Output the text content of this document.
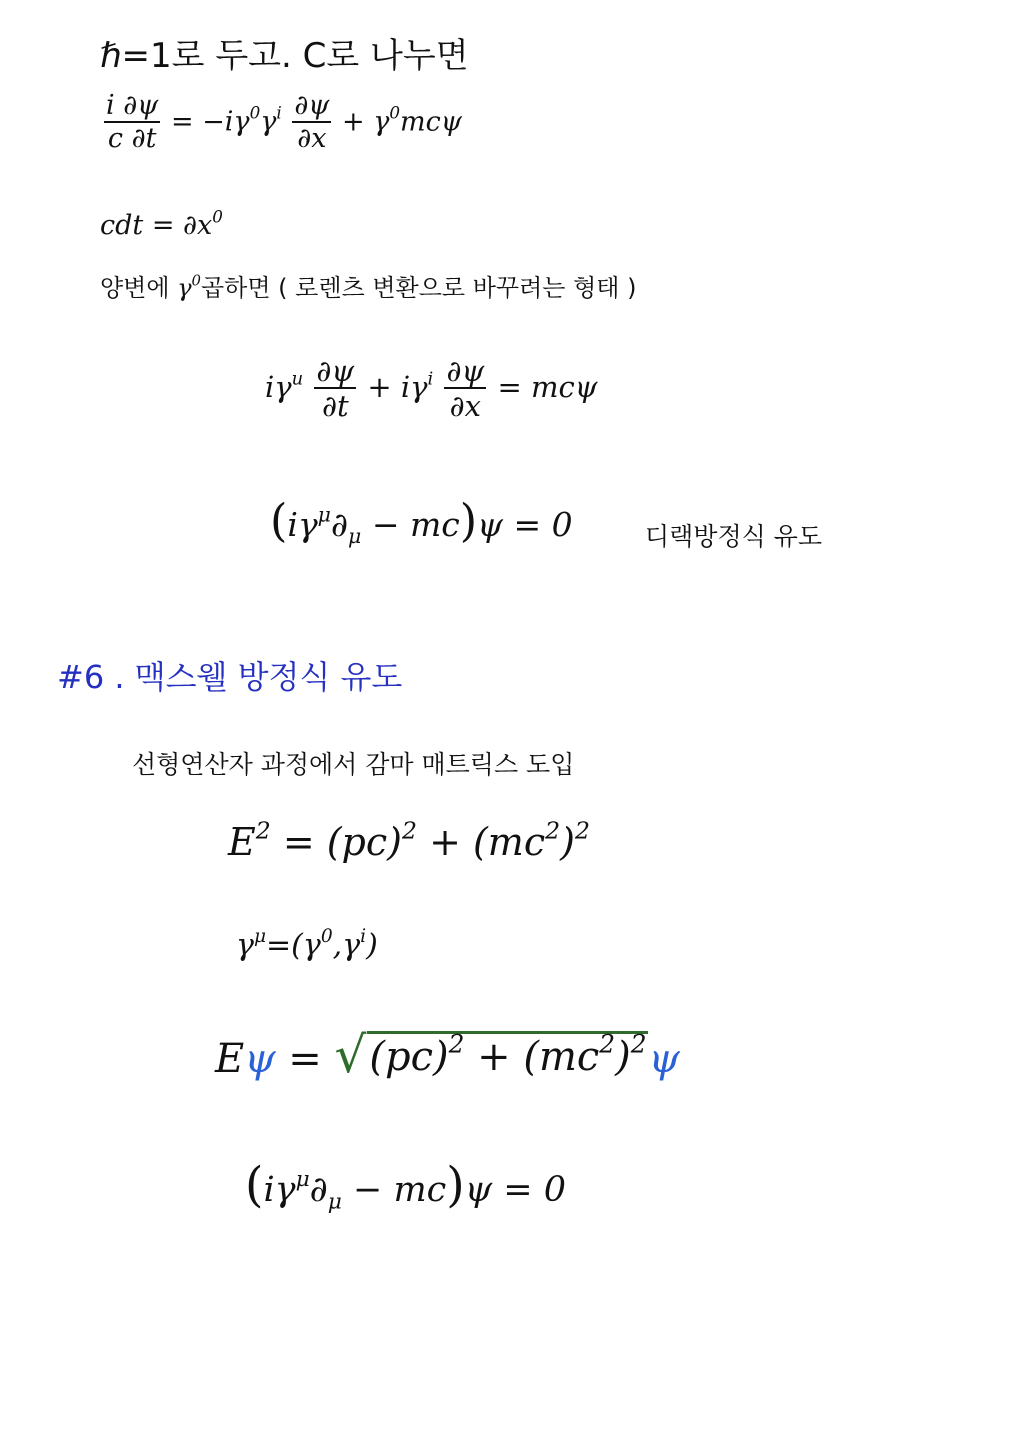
ℏ=1로 두고. C로 나누면
$\frac{i \partial\psi}{c \partial t} = -i\gamma^0\gamma^i \frac{\partial\psi}{\partial x} + \gamma^0mc\psi$
cdt = $\partial x^0$
양변에 $\gamma^0$곱하면 ( 로렌츠 변환으로 바꾸려는 형태 )
$i\gamma^u \frac{\partial\psi}{\partial t} + i\gamma^i \frac{\partial\psi}{\partial x} = mc\psi$
$(i\gamma^\mu\partial_\mu - mc)\psi = 0$	디랙방정식 유도
#6 . 맥스웰 방정식 유도
선형연산자 과정에서 감마 매트릭스 도입
$E^2 = (pc)^2 + (mc^2)^2$
$\gamma^\mu=(\gamma^0,\gamma^i)$
Eψ = √ $(pc)^2 + (mc^2)^2$ ψ
$(i\gamma^\mu\partial_\mu - mc)\psi = 0$
